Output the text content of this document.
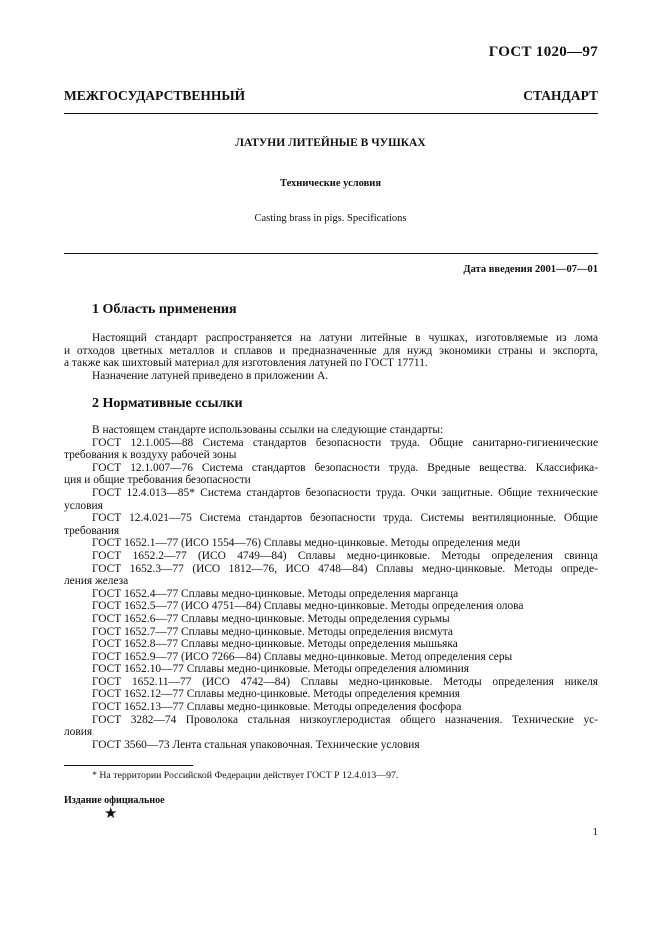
ГОСТ 1020—97
МЕЖГОСУДАРСТВЕННЫЙ	СТАНДАРТ
ЛАТУНИ ЛИТЕЙНЫЕ В ЧУШКАХ
Технические условия
Casting brass in pigs. Specifications
Дата введения 2001—07—01
1 Область применения
Настоящий стандарт распространяется на латуни литейные в чушках, изготовляемые из лома
и отходов цветных металлов и сплавов и предназначенные для нужд экономики страны и экспорта,
а также как шихтовый материал для изготовления латуней по ГОСТ 17711.
Назначение латуней приведено в приложении А.
2 Нормативные ссылки
В настоящем стандарте использованы ссылки на следующие стандарты:
ГОСТ 12.1.005—88 Система стандартов безопасности труда. Общие санитарно-гигиенические
требования к воздуху рабочей зоны
ГОСТ 12.1.007—76 Система стандартов безопасности труда. Вредные вещества. Классифика-
ция и общие требования безопасности
ГОСТ 12.4.013—85* Система стандартов безопасности труда. Очки защитные. Общие технические
условия
ГОСТ 12.4.021—75 Система стандартов безопасности труда. Системы вентиляционные. Общие
требования
ГОСТ 1652.1—77 (ИСО 1554—76) Сплавы медно-цинковые. Методы определения меди
ГОСТ 1652.2—77 (ИСО 4749—84) Сплавы медно-цинковые. Методы определения свинца
ГОСТ 1652.3—77 (ИСО 1812—76, ИСО 4748—84) Сплавы медно-цинковые. Методы опреде-
ления железа
ГОСТ 1652.4—77 Сплавы медно-цинковые. Методы определения марганца
ГОСТ 1652.5—77 (ИСО 4751—84) Сплавы медно-цинковые. Методы определения олова
ГОСТ 1652.6—77 Сплавы медно-цинковые. Методы определения сурьмы
ГОСТ 1652.7—77 Сплавы медно-цинковые. Методы определения висмута
ГОСТ 1652.8—77 Сплавы медно-цинковые. Методы определения мышьяка
ГОСТ 1652.9—77 (ИСО 7266—84) Сплавы медно-цинковые. Метод определения серы
ГОСТ 1652.10—77 Сплавы медно-цинковые. Методы определения алюминия
ГОСТ 1652.11—77 (ИСО 4742—84) Сплавы медно-цинковые. Методы определения никеля
ГОСТ 1652.12—77 Сплавы медно-цинковые. Методы определения кремния
ГОСТ 1652.13—77 Сплавы медно-цинковые. Методы определения фосфора
ГОСТ 3282—74 Проволока стальная низкоуглеродистая общего назначения. Технические ус-
ловия
ГОСТ 3560—73 Лента стальная упаковочная. Технические условия
* На территории Российской Федерации действует ГОСТ Р 12.4.013—97.
Издание официальное
★
1
